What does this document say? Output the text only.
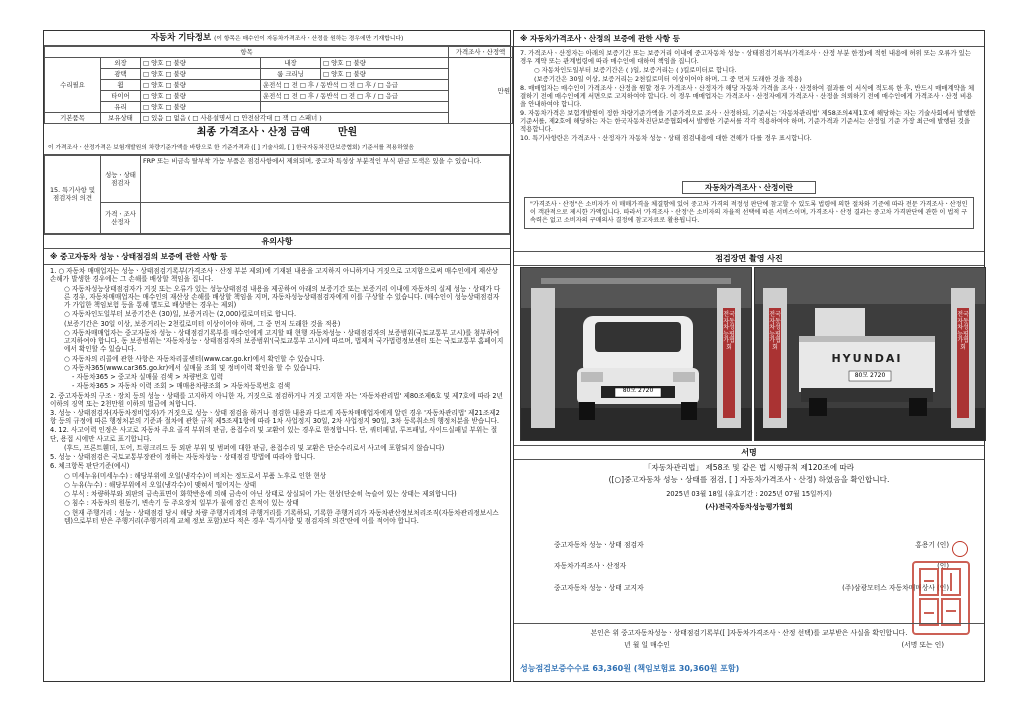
자동차 기타정보 (이 항목은 매수인이 자동차가격조사ㆍ산정을 원하는 경우에만 기재합니다)
항목					가격조사ㆍ산정액
수리필요	외장	□ 양호 □ 불량	내장	□ 양호 □ 불량	만원
	광택	□ 양호 □ 불량	룸 크리닝	□ 양호 □ 불량	
	휠	□ 양호 □ 불량	운전석 □ 전 □ 후 / 동반석 □ 전 □ 후 / □ 응급		
	타이어	□ 양호 □ 불량	운전석 □ 전 □ 후 / 동반석 □ 전 □ 후 / □ 응급		
	유리	□ 양호 □ 불량			
기본품목	보유상태	□ 있음 □ 없음 ( □ 사용설명서 □ 안전삼각대 □ 잭 □ 스패너 )			
최종 가격조사ㆍ산정 금액	만원
이 가격조사ㆍ산정가격은 보험개발원의 차량기준가액을 바탕으로 한 기준가격과 ([ ] 기술사회, [ ] 한국자동차진단보증협회) 기준서를 적용하였음
15. 특기사항 및 점검자의 의견	성능ㆍ상태 점검자	FRP 또는 비금속 탈부착 가능 부품은 점검사항에서 제외되며, 중고차 특성상 부분적인 부식 판금 도색은 있을 수 있습니다.
	가격ㆍ조사 산정자	
유의사항
※ 중고자동차 성능ㆍ상태점검의 보증에 관한 사항 등
1. ○ 자동차 매매업자는 성능ㆍ상태점검기록부(가격조사ㆍ산정 부분 제외)에 기재된 내용을 고지하지 아니하거나 거짓으로 고지함으로써 매수인에게 재산상 손해가 발생한 경우에는 그 손해를 배상할 책임을 집니다.
○ 자동차성능상태점검자가 거짓 또는 오류가 있는 성능상태점검 내용을 제공하여 아래의 보증기간 또는 보증거리 이내에 자동차의 실제 성능ㆍ상태가 다른 경우, 자동차매매업자는 매수인의 재산상 손해를 배상할 책임을 지며, 자동차성능상태점검자에게 이를 구상할 수 있습니다. (매수인이 성능상태점검자가 가입한 책임보험 등을 통해 별도로 배상받는 경우는 제외)
○ 자동차인도일부터 보증기간은 (30)일, 보증거리는 (2,000)킬로미터로 합니다.
(보증기간은 30일 이상, 보증거리는 2천킬로미터 이상이어야 하며, 그 중 먼저 도래한 것을 적용)
○ 자동차매매업자는 중고자동차 성능ㆍ상태점검기록부를 매수인에게 고지할 때 현행 자동차성능ㆍ상태점검자의 보증범위(국토교통부 고시)를 첨부하여 고지하여야 합니다. 동 보증범위는 '자동차성능ㆍ상태점검자의 보증범위'(국토교통부 고시)에 따르며, 법제처 국가법령정보센터 또는 국토교통부 홈페이지에서 확인할 수 있습니다.
○ 자동차의 리콜에 관한 사항은 자동차리콜센터(www.car.go.kr)에서 확인할 수 있습니다.
○ 자동차365(www.car365.go.kr)에서 실매물 조회 및 정비이력 확인을 할 수 있습니다.
- 자동차365 > 중고차 실매물 검색 > 차량번호 입력
- 자동차365 > 자동차 이력 조회 > 매매용차량조회 > 자동차등록번호 검색
2. 중고자동차의 구조ㆍ장치 등의 성능ㆍ상태를 고지하지 아니한 자, 거짓으로 점검하거나 거짓 고지한 자는 '자동차관리법' 제80조제6호 및 제7호에 따라 2년 이하의 징역 또는 2천만원 이하의 벌금에 처합니다.
3. 성능ㆍ상태점검자(자동차정비업자)가 거짓으로 성능ㆍ상태 점검을 하거나 점검한 내용과 다르게 자동차매매업자에게 알린 경우 '자동차관리법' 제21조제2항 등의 규정에 따른 행정처분의 기준과 절차에 관한 규칙 제5조제1항에 따라 1차 사업정지 30일, 2차 사업정지 90일, 3차 등록취소의 행정처분을 받습니다.
4. 12. 사고이력 인정은 사고로 자동차 주요 골격 부위의 판금, 용접수리 및 교환이 있는 경우로 한정합니다. 단, 쿼터패널, 루프패널, 사이드실패널 부위는 절단, 용접 시에만 사고로 표기합니다.
(후드, 프론트휀더, 도어, 트렁크리드 등 외판 부위 및 범퍼에 대한 판금, 용접수리 및 교환은 단순수리로서 사고에 포함되지 않습니다)
5. 성능ㆍ상태점검은 국토교통부장관이 정하는 자동차성능ㆍ상태점검 방법에 따라야 합니다.
6. 체크항목 판단기준(예시)
○ 미세누유(미세누수) : 해당부위에 오일(냉각수)이 비치는 정도로서 부품 노후로 인한 현상
○ 누유(누수) : 해당부위에서 오일(냉각수)이 맺혀서 떨어지는 상태
○ 부식 : 차량하부와 외판의 금속표면이 화학반응에 의해 금속이 아닌 상태로 상실되어 가는 현상(단순히 녹슬어 있는 상태는 제외합니다)
○ 침수 : 자동차의 원동기, 변속기 등 주요장치 일부가 물에 잠긴 흔적이 있는 상태
○ 현재 주행거리 : 성능ㆍ상태점검 당시 해당 차량 주행거리계의 주행거리를 기록하되, 기록한 주행거리가 자동차관산정보처리조직(자동차관리정보시스템)으로부터 받은 주행거리(주행거리계 교체 정보 포함)보다 적은 경우 '특기사항 및 점검자의 의견'란에 이를 적어야 합니다.
※ 자동차가격조사ㆍ산정의 보증에 관한 사항 등
7. 가격조사ㆍ산정자는 아래의 보증기간 또는 보증거리 이내에 중고자동차 성능ㆍ상태점검기록부(가격조사ㆍ산정 부분 한정)에 적힌 내용에 허위 또는 오류가 있는 경우 계약 또는 관계법령에 따라 매수인에 대하여 책임을 집니다.
○ 자동차인도일부터 보증기간은 ( )일, 보증거리는 ( )킬로미터로 합니다.
(보증기간은 30일 이상, 보증거리는 2천킬로미터 이상이어야 하며, 그 중 먼저 도래한 것을 적용)
8. 매매업자는 매수인이 가격조사ㆍ산정을 원할 경우 가격조사ㆍ산정자가 해당 자동차 가격을 조사ㆍ산정하여 결과를 이 서식에 적도록 한 후, 반드시 매매계약을 체결하기 전에 매수인에게 서면으로 고지하여야 합니다. 이 경우 매매업자는 가격조사ㆍ산정자에게 가격조사ㆍ산정을 의뢰하기 전에 매수인에게 가격조사ㆍ산정 비용을 안내하여야 합니다.
9. 자동차가격은 보험개발원이 정한 차량기준가액을 기준가격으로 조사ㆍ산정하되, 기준서는 '자동차관리법' 제58조의4제1호에 해당하는 자는 기술사회에서 발행한 기준서를, 제2호에 해당하는 자는 한국자동차진단보증협회에서 발행한 기준서를 각각 적용하여야 하며, 기준가격과 기준서는 산정일 기준 가장 최근에 발행된 것을 적용합니다.
10. 특기사항란은 가격조사ㆍ산정자가 자동차 성능ㆍ상태 점검내용에 대한 견해가 다를 경우 표시합니다.
자동차가격조사ㆍ산정이란
"가격조사ㆍ산정"은 소비자가 이 매매가격을 체결함에 있어 중고차 가격의 적정성 판단에 참고할 수 있도록 법령에 의한 절차와 기준에 따라 전문 가격조사ㆍ산정인이 객관적으로 제시한 가액입니다. 따라서 '가격조사ㆍ산정'은 소비자의 자율적 선택에 따른 서비스이며, 가격조사ㆍ산정 결과는 중고차 가격판단에 관한 이 법적 구속력은 없고 소비자의 구매의사 결정에 참고자료로 활용됩니다.
점검장면 촬영 사진
80모 2720
전국자동차성능평가협회
HYUNDAI
80모 2720
전국자동차성능평가협회
전국자동차성능평가협회
서명
「자동차관리법」 제58조 및 같은 법 시행규칙 제120조에 따라
([○]중고자동차 성능ㆍ상태를 점검, [ ] 자동차가격조사ㆍ산정) 하였음을 확인합니다.
2025년 03월 18일 (유효기간 : 2025년 07월 15일까지)
(사)전국자동차성능평가협회
중고자동차 성능ㆍ상태 점검자	홍용기 (인)
자동차가격조사ㆍ산정자	(인)
중고자동차 성능ㆍ상태 고지자	(주)삼광모터스 자동차매매상사 (인)
본인은 위 중고자동차성능ㆍ상태점검기록부([ ]자동차가격조사ㆍ산정 선택)를 교부받은 사실을 확인합니다.
년 월 일 매수인	(서명 또는 인)
성능점검보증수수료 63,360원 (책임보험료 30,360원 포함)
